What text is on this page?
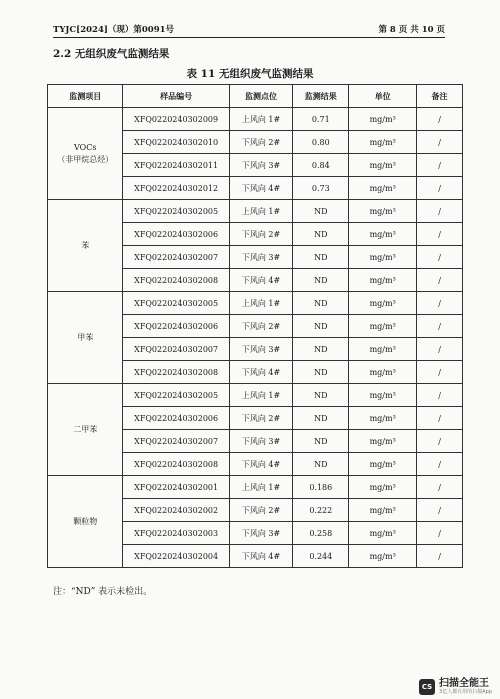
TYJC[2024]（现）第0091号	第 8 页 共 10 页
2.2 无组织废气监测结果
表 11 无组织废气监测结果
监测项目	样品编号	监测点位	监测结果	单位	备注

VOCs
（非甲烷总烃）	XFQ0220240302009	上风向 1#	0.71	mg/m³	/
	XFQ0220240302010	下风向 2#	0.80	mg/m³	/
	XFQ0220240302011	下风向 3#	0.84	mg/m³	/
	XFQ0220240302012	下风向 4#	0.73	mg/m³	/

苯	XFQ0220240302005	上风向 1#	ND	mg/m³	/
	XFQ0220240302006	下风向 2#	ND	mg/m³	/
	XFQ0220240302007	下风向 3#	ND	mg/m³	/
	XFQ0220240302008	下风向 4#	ND	mg/m³	/

甲苯	XFQ0220240302005	上风向 1#	ND	mg/m³	/
	XFQ0220240302006	下风向 2#	ND	mg/m³	/
	XFQ0220240302007	下风向 3#	ND	mg/m³	/
	XFQ0220240302008	下风向 4#	ND	mg/m³	/

二甲苯	XFQ0220240302005	上风向 1#	ND	mg/m³	/
	XFQ0220240302006	下风向 2#	ND	mg/m³	/
	XFQ0220240302007	下风向 3#	ND	mg/m³	/
	XFQ0220240302008	下风向 4#	ND	mg/m³	/

颗粒物	XFQ0220240302001	上风向 1#	0.186	mg/m³	/
	XFQ0220240302002	下风向 2#	0.222	mg/m³	/
	XFQ0220240302003	下风向 3#	0.258	mg/m³	/
	XFQ0220240302004	下风向 4#	0.244	mg/m³	/
注：“ND” 表示未检出。
CS 扫描全能王
3亿人都在用的扫描App
